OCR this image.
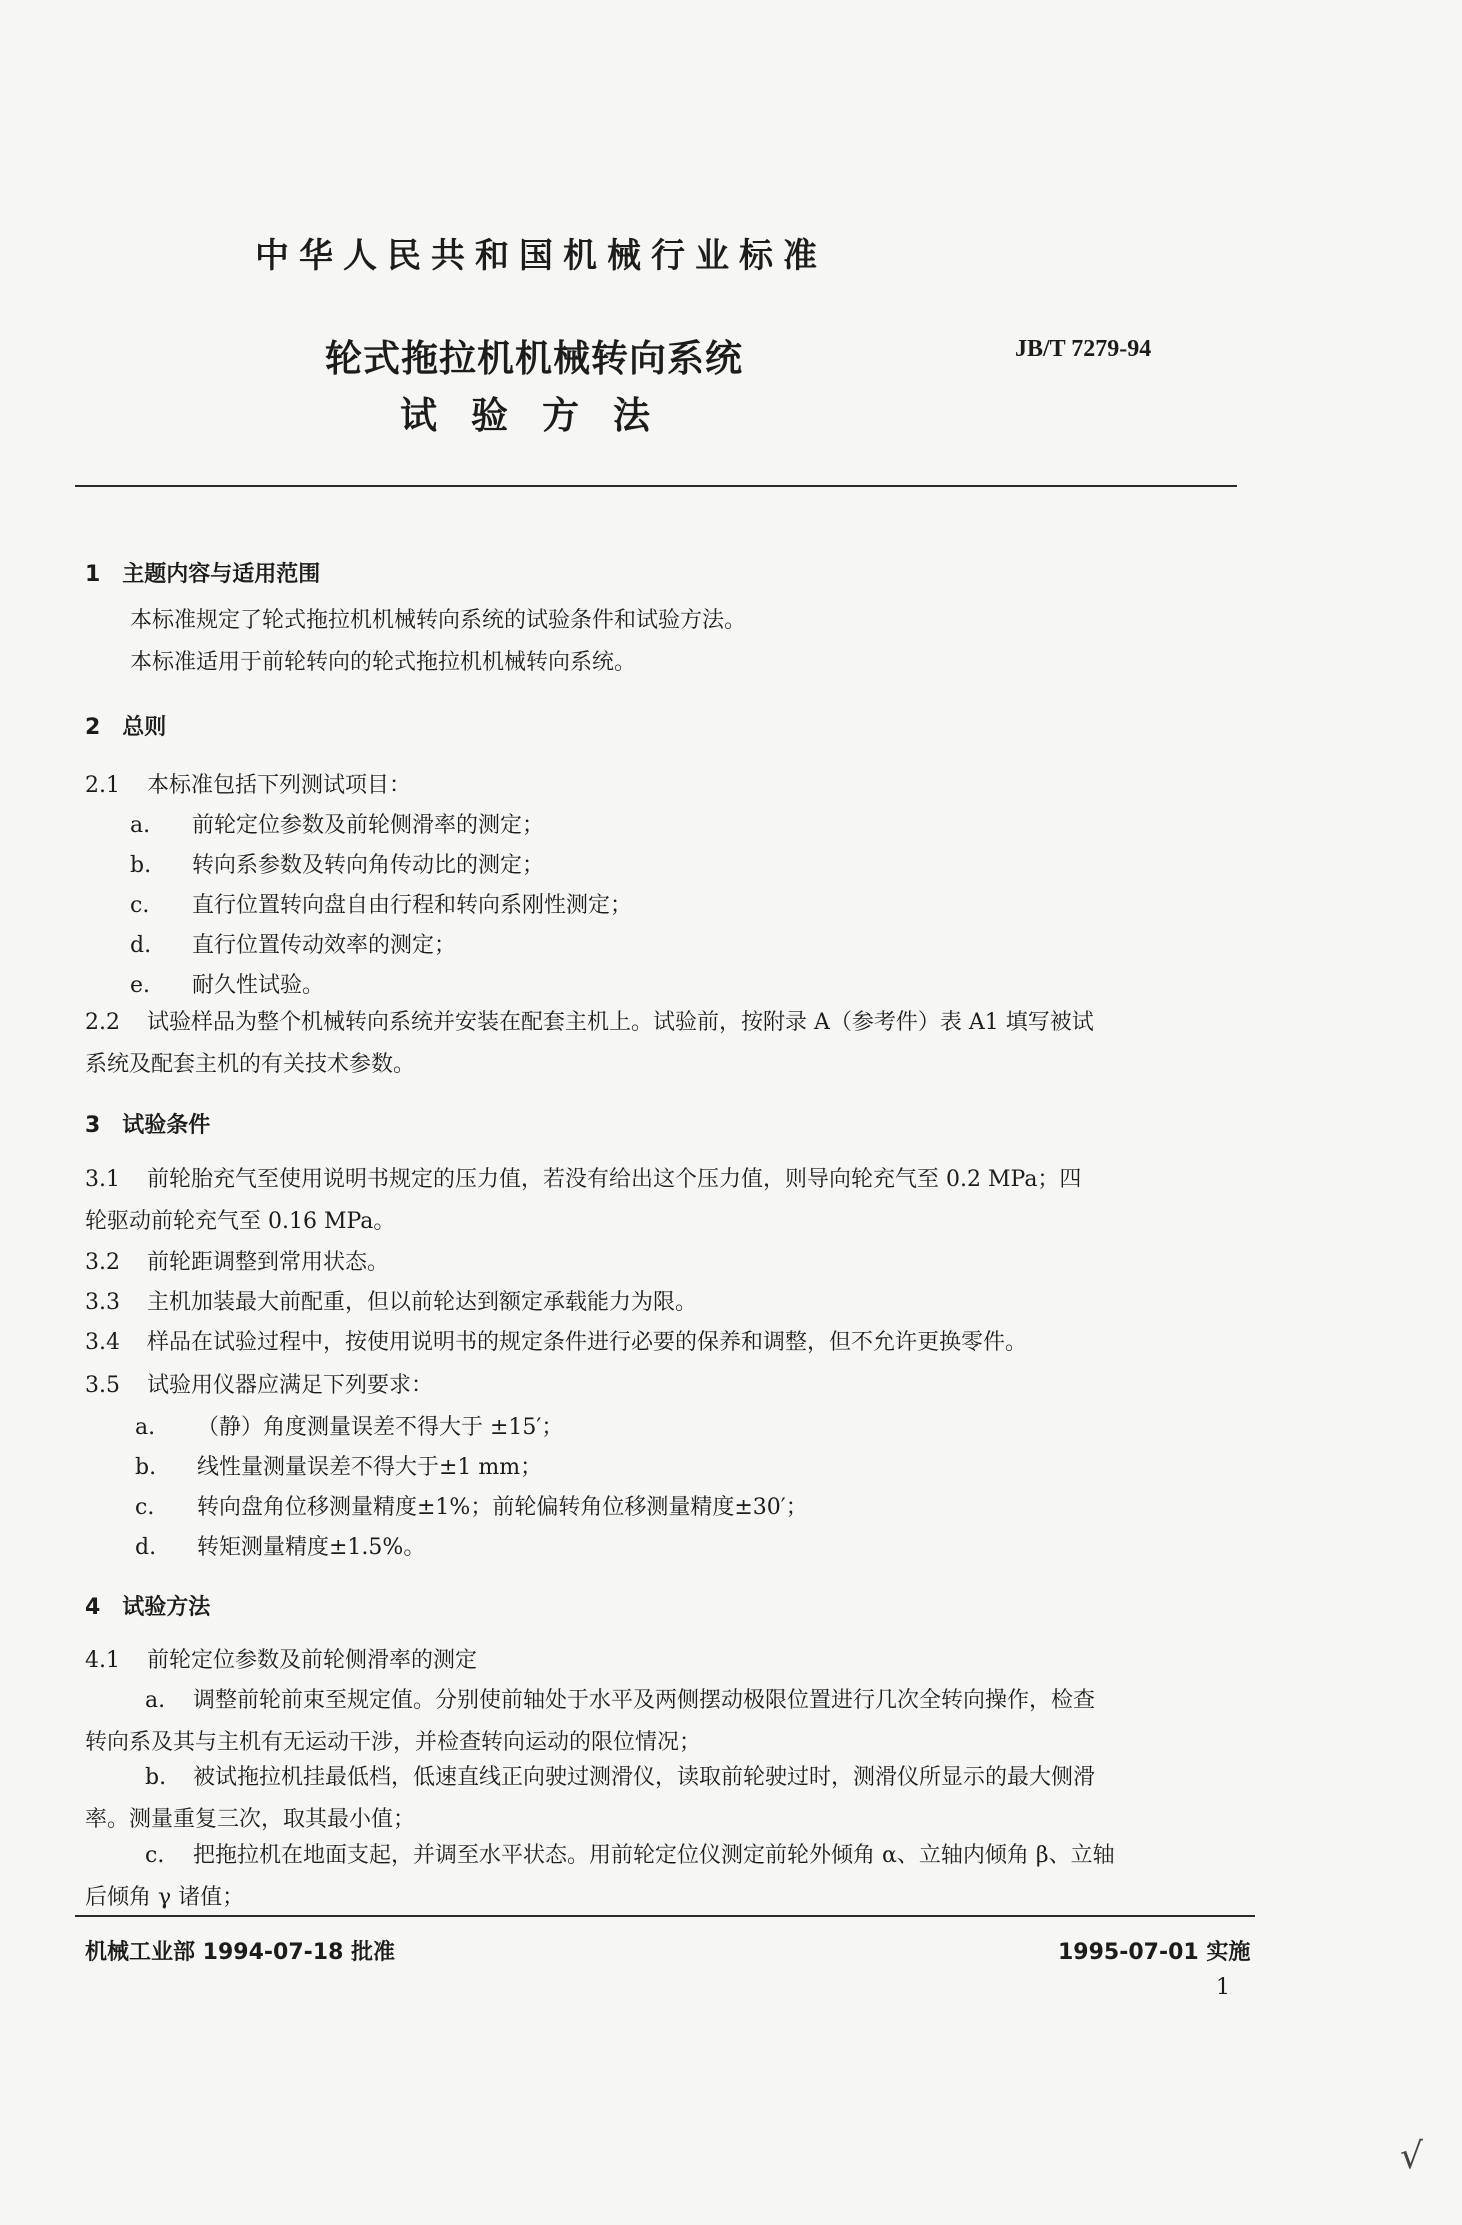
中华人民共和国机械行业标准
轮式拖拉机机械转向系统
试验方法
JB/T 7279-94
1　主题内容与适用范围
本标准规定了轮式拖拉机机械转向系统的试验条件和试验方法。
本标准适用于前轮转向的轮式拖拉机机械转向系统。
2　总则
2.1 本标准包括下列测试项目：
a. 前轮定位参数及前轮侧滑率的测定；
b. 转向系参数及转向角传动比的测定；
c. 直行位置转向盘自由行程和转向系刚性测定；
d. 直行位置传动效率的测定；
e. 耐久性试验。
2.2 试验样品为整个机械转向系统并安装在配套主机上。试验前，按附录 A（参考件）表 A1 填写被试
系统及配套主机的有关技术参数。
3　试验条件
3.1 前轮胎充气至使用说明书规定的压力值，若没有给出这个压力值，则导向轮充气至 0.2 MPa；四
轮驱动前轮充气至 0.16 MPa。
3.2 前轮距调整到常用状态。
3.3 主机加装最大前配重，但以前轮达到额定承载能力为限。
3.4 样品在试验过程中，按使用说明书的规定条件进行必要的保养和调整，但不允许更换零件。
3.5 试验用仪器应满足下列要求：
a. （静）角度测量误差不得大于 ±15′；
b. 线性量测量误差不得大于±1 mm；
c. 转向盘角位移测量精度±1%；前轮偏转角位移测量精度±30′；
d. 转矩测量精度±1.5%。
4　试验方法
4.1 前轮定位参数及前轮侧滑率的测定
a. 调整前轮前束至规定值。分别使前轴处于水平及两侧摆动极限位置进行几次全转向操作，检查
转向系及其与主机有无运动干涉，并检查转向运动的限位情况；
b. 被试拖拉机挂最低档，低速直线正向驶过测滑仪，读取前轮驶过时，测滑仪所显示的最大侧滑
率。测量重复三次，取其最小值；
c. 把拖拉机在地面支起，并调至水平状态。用前轮定位仪测定前轮外倾角 α、立轴内倾角 β、立轴
后倾角 γ 诸值；
机械工业部 1994-07-18 批准	1995-07-01 实施
1
√
